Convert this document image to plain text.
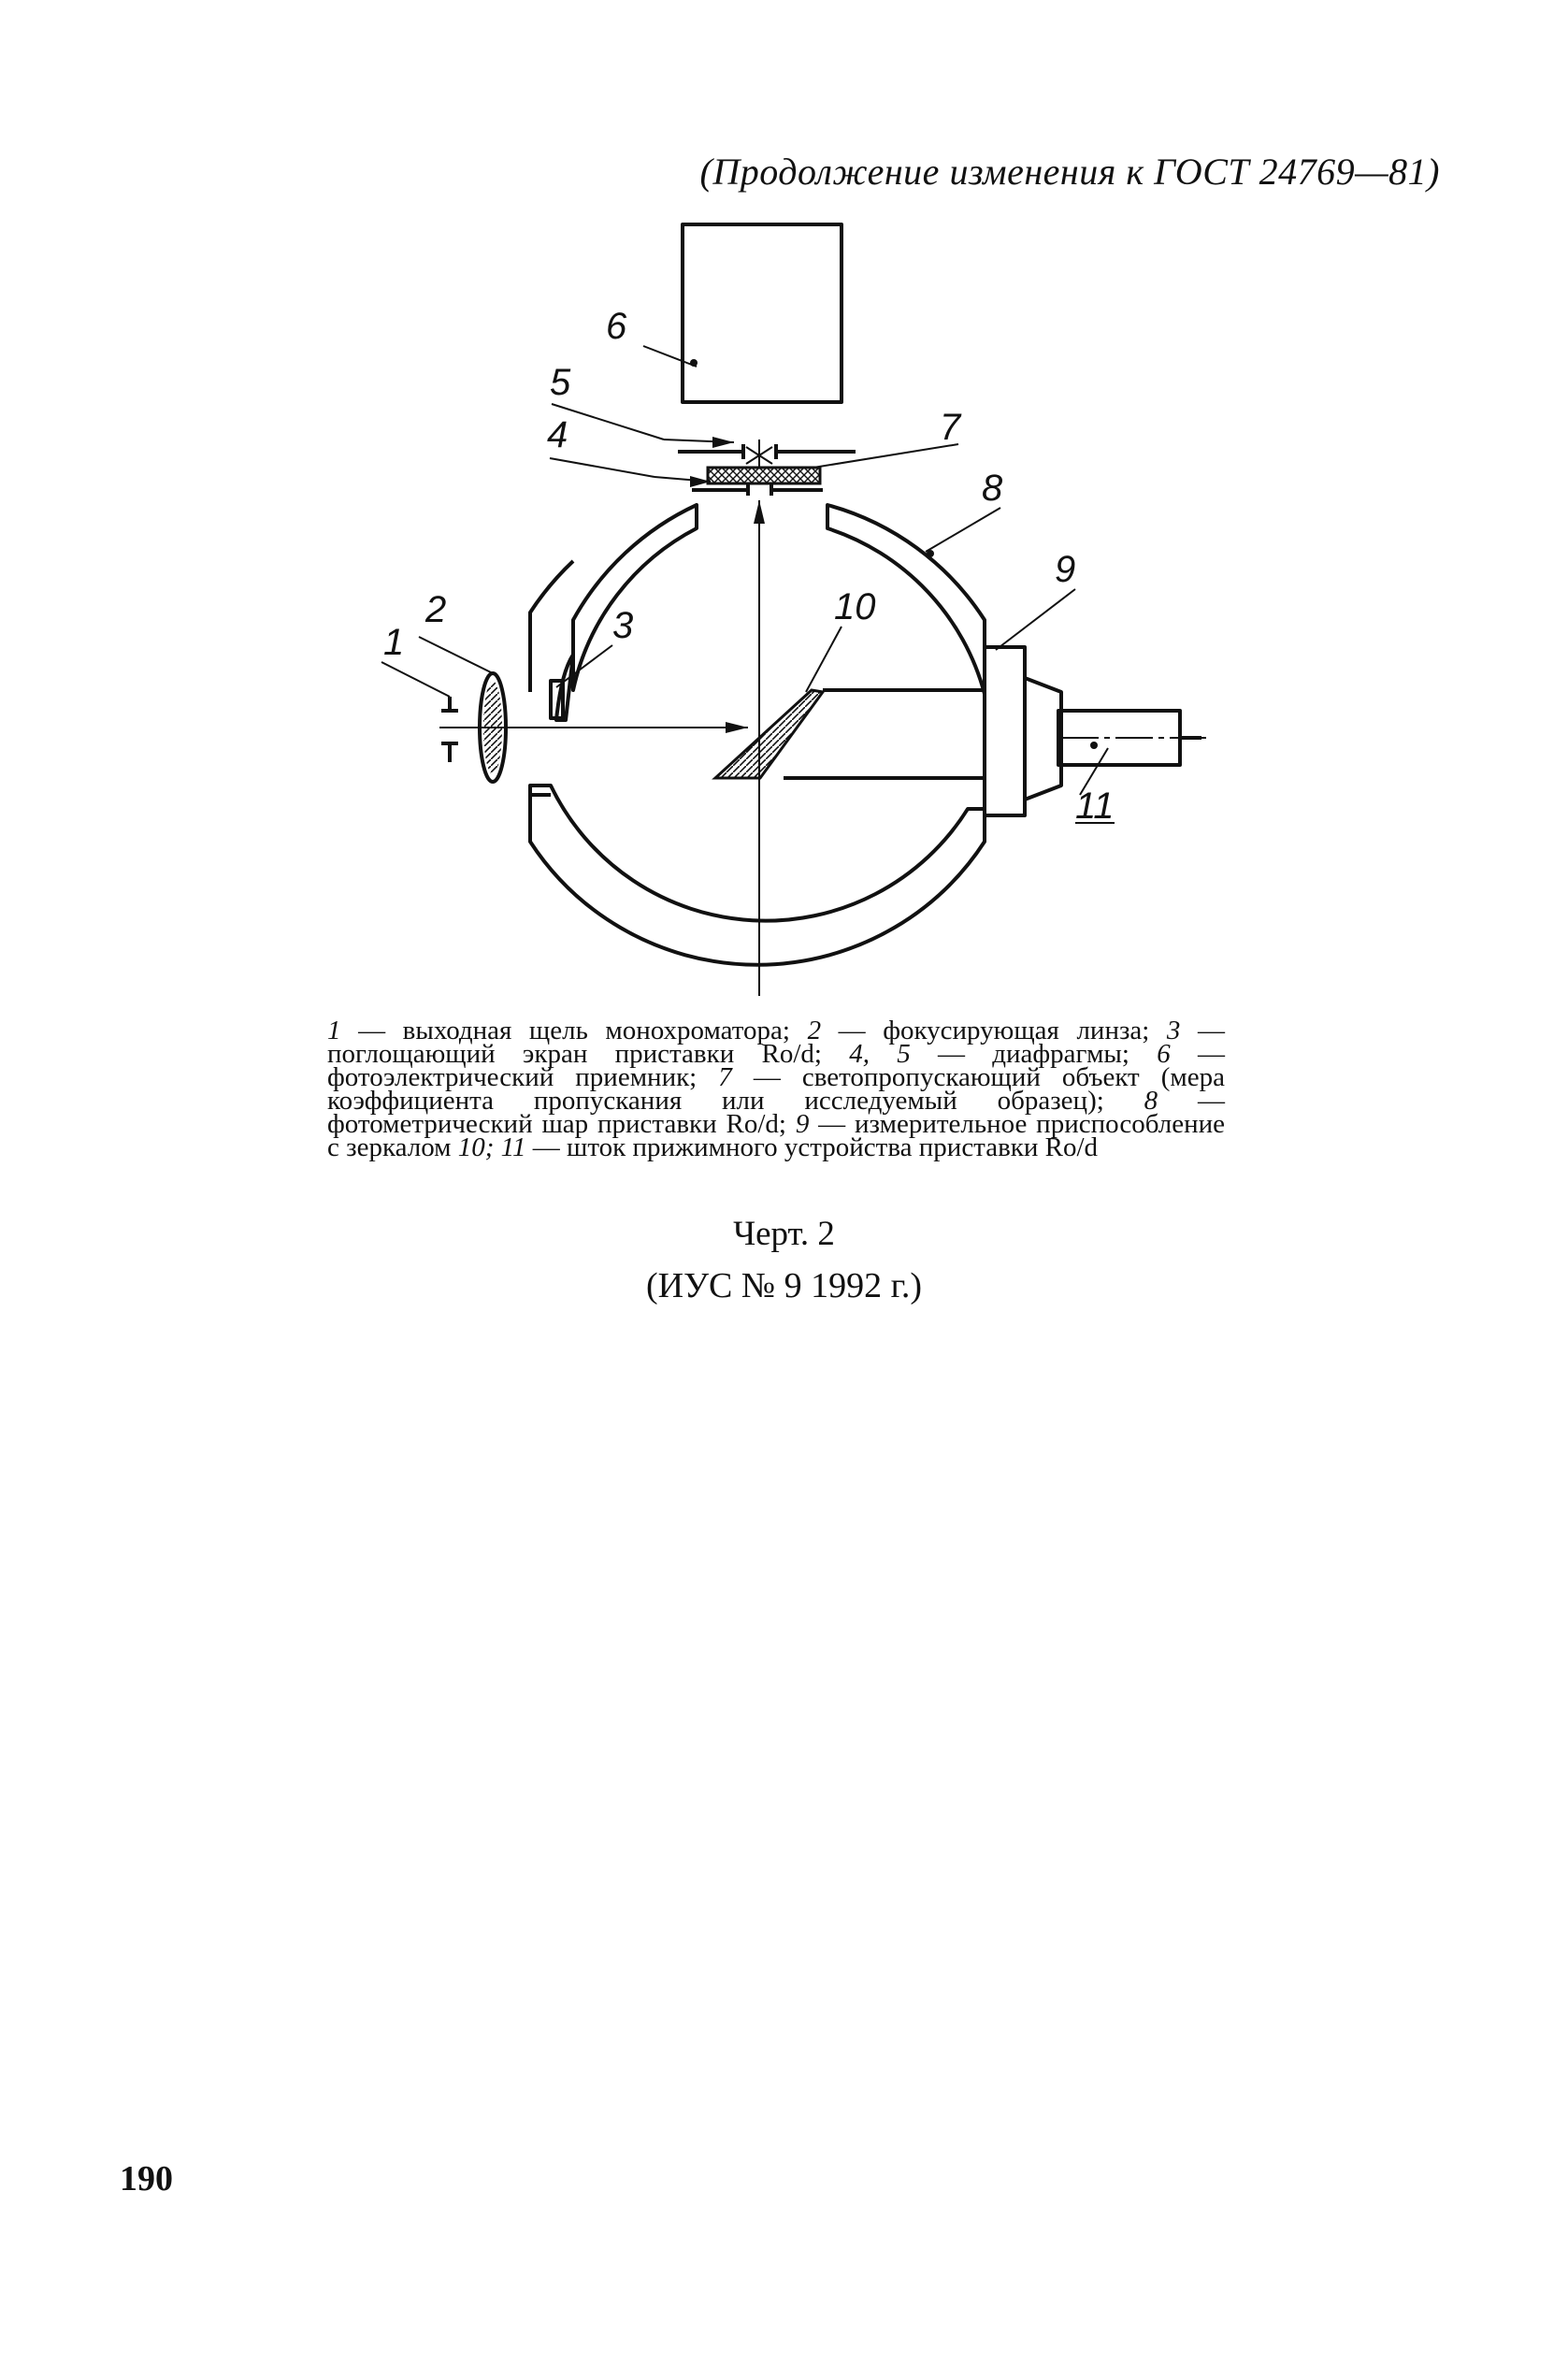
(Продолжение изменения к ГОСТ 24769—81)
6
5
4	7
8
9
10
3
2
1
11
1 — выходная щель монохроматора; 2 — фокусирующая линза; 3 — поглощающий экран приставки Ro/d; 4, 5 — диафрагмы; 6 — фотоэлектрический приемник; 7 — светопропускающий объект (мера коэффициента пропускания или исследуемый образец); 8 — фотометрический шар приставки Ro/d; 9 — измерительное приспособление с зеркалом 10; 11 — шток прижимного устройства приставки Ro/d
Черт. 2
(ИУС № 9 1992 г.)
190
